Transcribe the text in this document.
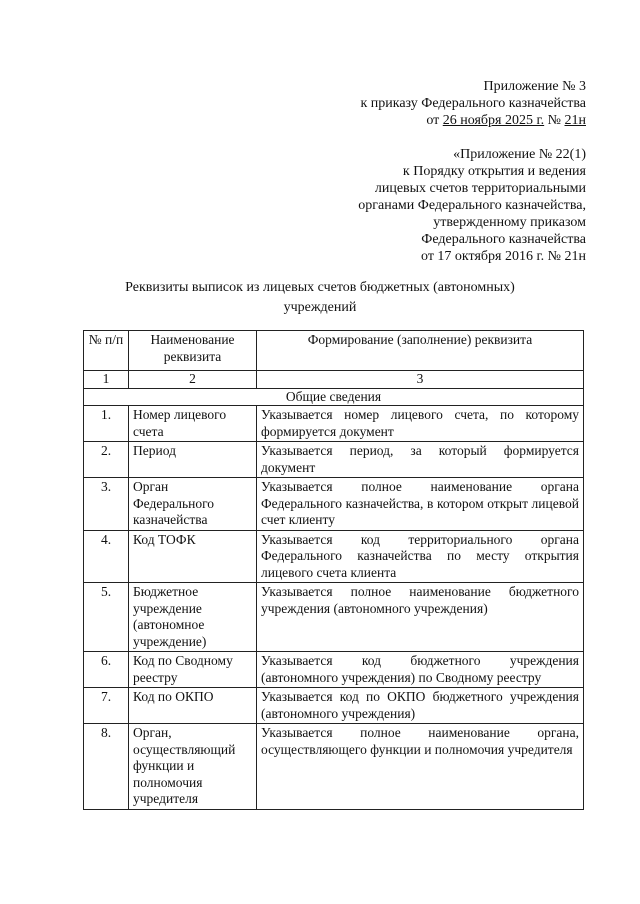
Приложение № 3
к приказу Федерального казначейства
от 26 ноября 2025 г. № 21н
«Приложение № 22(1)
к Порядку открытия и ведения
лицевых счетов территориальными
органами Федерального казначейства,
утвержденному приказом
Федерального казначейства
от 17 октября 2016 г. № 21н
Реквизиты выписок из лицевых счетов бюджетных (автономных)
учреждений
№ п/п	Наименование реквизита	Формирование (заполнение) реквизита
1	2	3
Общие сведения		
1.	Номер лицевого счета	Указывается номер лицевого счета, по которому формируется документ
2.	Период	Указывается период, за который формируется документ
3.	Орган Федерального казначейства	Указывается полное наименование органа Федерального казначейства, в котором открыт лицевой счет клиенту
4.	Код ТОФК	Указывается код территориального органа Федерального казначейства по месту открытия лицевого счета клиента
5.	Бюджетное учреждение (автономное учреждение)	Указывается полное наименование бюджетного учреждения (автономного учреждения)
6.	Код по Сводному реестру	Указывается код бюджетного учреждения (автономного учреждения) по Сводному реестру
7.	Код по ОКПО	Указывается код по ОКПО бюджетного учреждения (автономного учреждения)
8.	Орган, осуществляющий функции и полномочия учредителя	Указывается полное наименование органа, осуществляющего функции и полномочия учредителя
